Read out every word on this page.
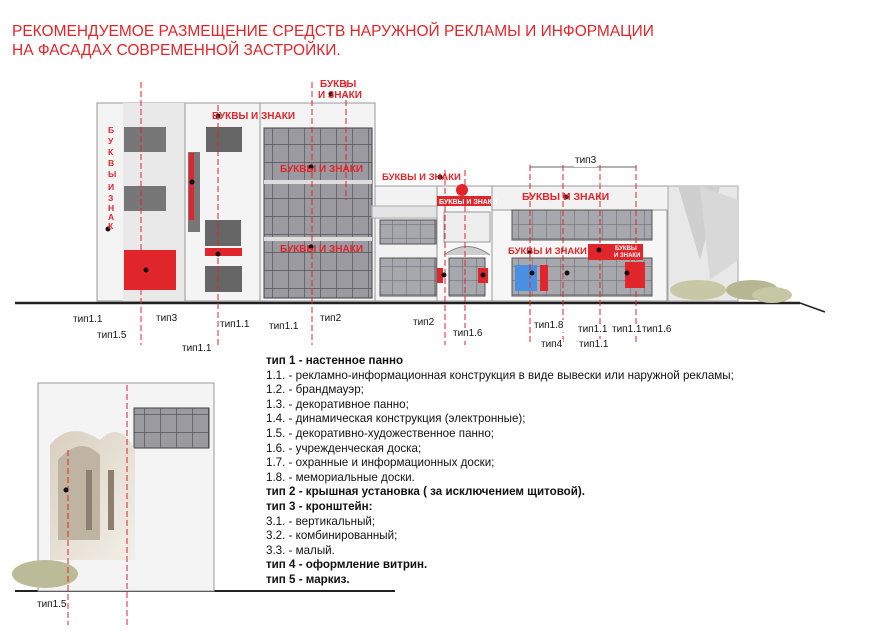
РЕКОМЕНДУЕМОЕ РАЗМЕЩЕНИЕ СРЕДСТВ НАРУЖНОЙ РЕКЛАМЫ И ИНФОРМАЦИИ
НА ФАСАДАХ СОВРЕМЕННОЙ ЗАСТРОЙКИ.
БУКВЫ
И ЗНАКИ
БУКВЫ И ЗНАКИ
БУКВЫ И ЗНАКИ
БУКВЫ И ЗНАКИ
БУКВЫ И ЗНАКИ
БУКВЫ И ЗНАКИ
БУКВЫ И ЗНАКИ
БУКВЫ И ЗНАКИ
БУКВЫ
И ЗНАКИ
Б
У
К
В
Ы
И
З
Н
А
К
тип1.1
тип1.5
тип3
тип1.1
тип1.1 тип1.1
тип2	тип2
тип1.6
тип1.8
тип4
тип1.1
тип1.1
тип1.1 тип1.6
тип3
тип1.5
тип 1 - настенное панно
1.1. - рекламно-информационная конструкция в виде вывески или наружной рекламы;
1.2. - брандмауэр;
1.3. - декоративное панно;
1.4. - динамическая конструкция (электронные);
1.5. - декоративно-художественное панно;
1.6. - учрежденческая доска;
1.7. - охранные и информационных доски;
1.8. - мемориальные доски.
тип 2 - крышная установка ( за исключением щитовой).
тип 3 - кронштейн:
3.1. - вертикальный;
3.2. - комбинированный;
3.3. - малый.
тип 4 - оформление витрин.
тип 5 - маркиз.
